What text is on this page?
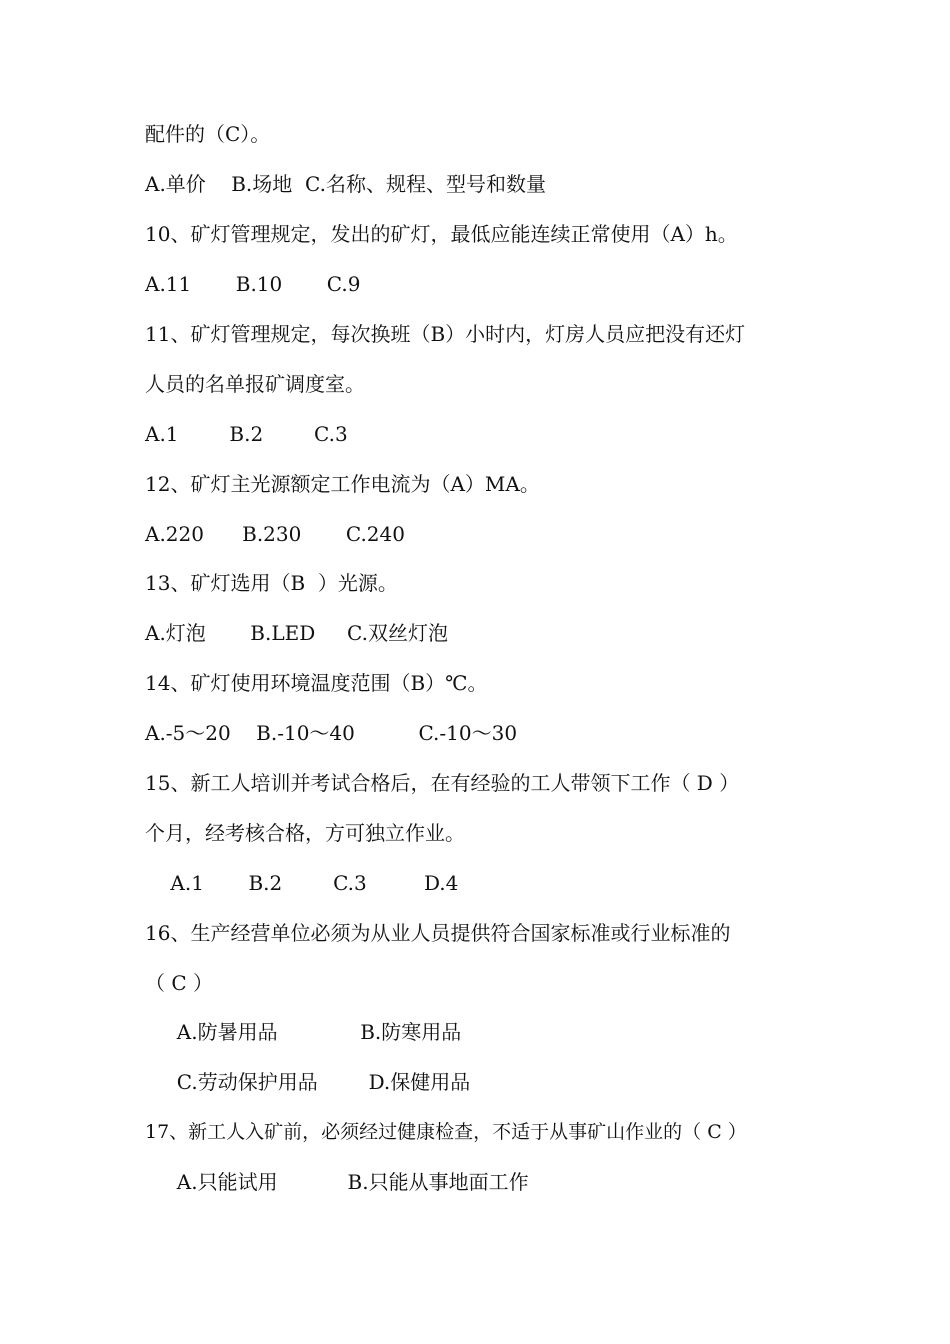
配件的（C）。
A.单价    B.场地  C.名称、规程、型号和数量
10、矿灯管理规定，发出的矿灯，最低应能连续正常使用（A）h。
A.11       B.10       C.9
11、矿灯管理规定，每次换班（B）小时内，灯房人员应把没有还灯
人员的名单报矿调度室。
A.1        B.2        C.3
12、矿灯主光源额定工作电流为（A）MA。
A.220      B.230       C.240
13、矿灯选用（B  ）光源。
A.灯泡       B.LED     C.双丝灯泡
14、矿灯使用环境温度范围（B）℃。
A.-5～20    B.-10～40          C.-10～30
15、新工人培训并考试合格后，在有经验的工人带领下工作（ D ）
个月，经考核合格，方可独立作业。
A.1       B.2        C.3         D.4
16、生产经营单位必须为从业人员提供符合国家标准或行业标准的
（ C ）
A.防暑用品             B.防寒用品
C.劳动保护用品        D.保健用品
17、新工人入矿前，必须经过健康检查，不适于从事矿山作业的（ C ）
A.只能试用           B.只能从事地面工作
